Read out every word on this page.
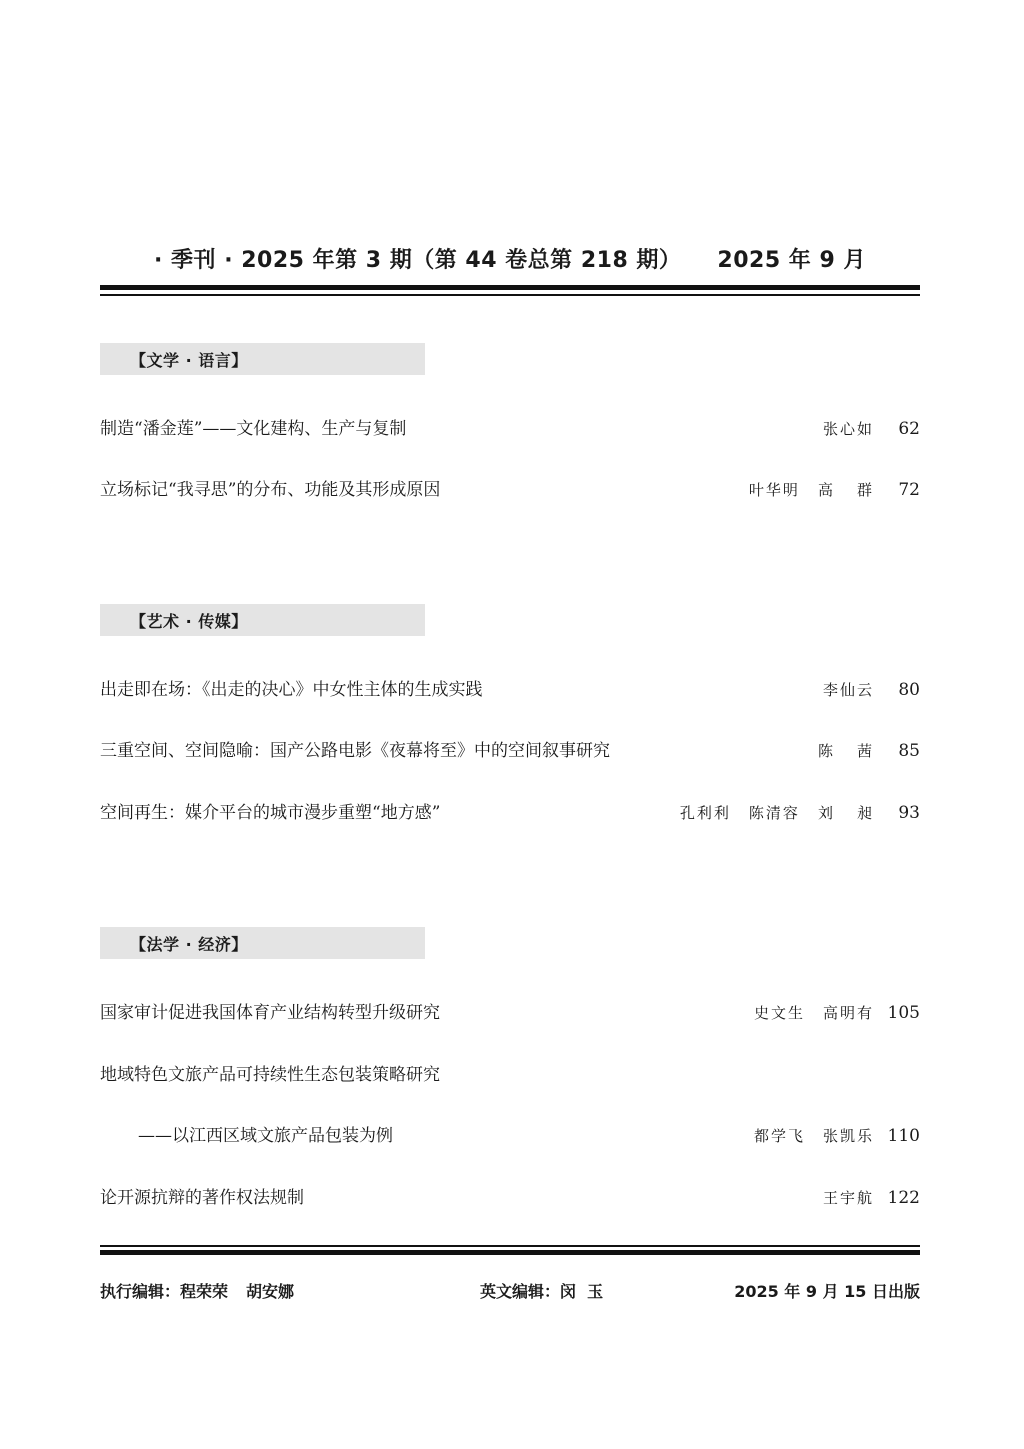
· 季刊 · 2025 年第 3 期（第 44 卷总第 218 期） 2025 年 9 月
【文学 · 语言】
制造“潘金莲”——文化建构、生产与复制	张心如	62
立场标记“我寻思”的分布、功能及其形成原因	叶华明 高  群	72
【艺术 · 传媒】
出走即在场：《出走的决心》中女性主体的生成实践	李仙云	80
三重空间、空间隐喻：国产公路电影《夜幕将至》中的空间叙事研究	陈  茜	85
空间再生：媒介平台的城市漫步重塑“地方感”	孔利利 陈清容 刘  昶	93
【法学 · 经济】
国家审计促进我国体育产业结构转型升级研究	史文生 高明有 105
地域特色文旅产品可持续性生态包装策略研究
——以江西区域文旅产品包装为例	都学飞 张凯乐 110
论开源抗辩的著作权法规制	王宇航 122
执行编辑：程荣荣 胡安娜	英文编辑：闵  玉	2025 年 9 月 15 日出版
